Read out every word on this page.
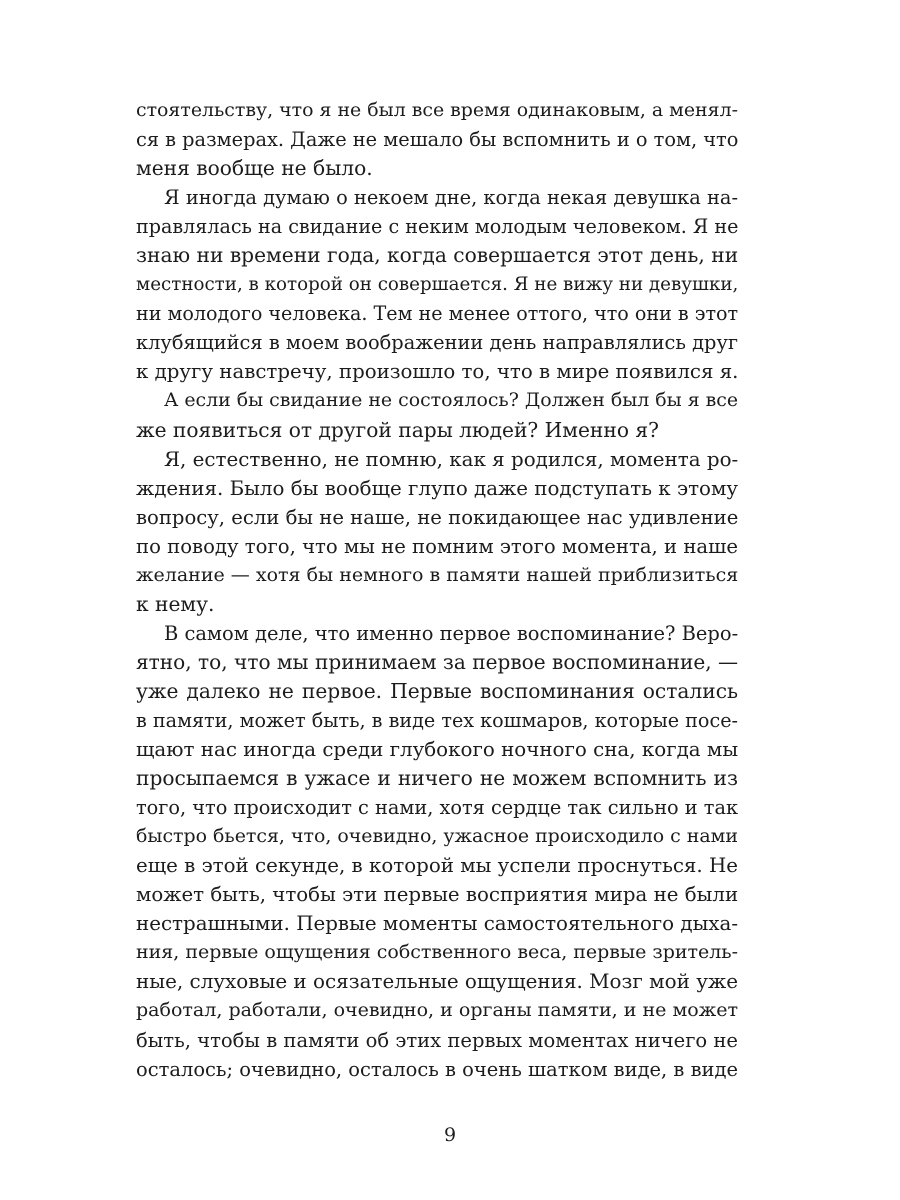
стоятельству, что я не был все время одинаковым, а менял-
ся в размерах. Даже не мешало бы вспомнить и о том, что
меня вообще не было.
Я иногда думаю о некоем дне, когда некая девушка на-
правлялась на свидание с неким молодым человеком. Я не
знаю ни времени года, когда совершается этот день, ни
местности, в которой он совершается. Я не вижу ни девушки,
ни молодого человека. Тем не менее оттого, что они в этот
клубящийся в моем воображении день направлялись друг
к другу навстречу, произошло то, что в мире появился я.
А если бы свидание не состоялось? Должен был бы я все
же появиться от другой пары людей? Именно я?
Я, естественно, не помню, как я родился, момента ро-
ждения. Было бы вообще глупо даже подступать к этому
вопросу, если бы не наше, не покидающее нас удивление
по поводу того, что мы не помним этого момента, и наше
желание — хотя бы немного в памяти нашей приблизиться
к нему.
В самом деле, что именно первое воспоминание? Веро-
ятно, то, что мы принимаем за первое воспоминание, —
уже далеко не первое. Первые воспоминания остались
в памяти, может быть, в виде тех кошмаров, которые посе-
щают нас иногда среди глубокого ночного сна, когда мы
просыпаемся в ужасе и ничего не можем вспомнить из
того, что происходит с нами, хотя сердце так сильно и так
быстро бьется, что, очевидно, ужасное происходило с нами
еще в этой секунде, в которой мы успели проснуться. Не
может быть, чтобы эти первые восприятия мира не были
нестрашными. Первые моменты самостоятельного дыха-
ния, первые ощущения собственного веса, первые зритель-
ные, слуховые и осязательные ощущения. Мозг мой уже
работал, работали, очевидно, и органы памяти, и не может
быть, чтобы в памяти об этих первых моментах ничего не
осталось; очевидно, осталось в очень шатком виде, в виде
9
